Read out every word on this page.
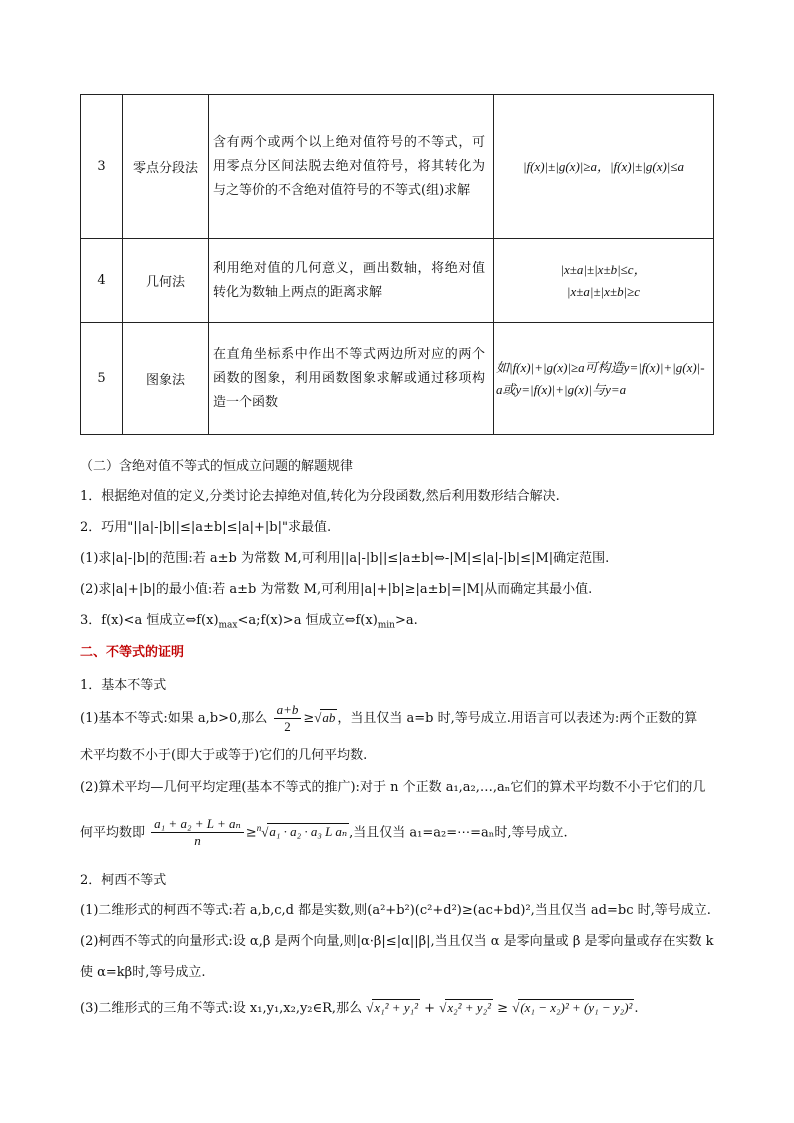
3	零点分段法	含有两个或两个以上绝对值符号的不等式，可用零点分区间法脱去绝对值符号，将其转化为与之等价的不含绝对值符号的不等式(组)求解	|f(x)|±|g(x)|≥a，|f(x)|±|g(x)|≤a
4	几何法	利用绝对值的几何意义，画出数轴，将绝对值转化为数轴上两点的距离求解	|x±a|±|x±b|≤c，
|x±a|±|x±b|≥c

5	图象法	在直角坐标系中作出不等式两边所对应的两个函数的图象，利用函数图象求解或通过移项构造一个函数	如|f(x)|+|g(x)|≥a可构造y=|f(x)|+|g(x)|-a或y=|f(x)|+|g(x)|与y=a
（二）含绝对值不等式的恒成立问题的解题规律
1．根据绝对值的定义,分类讨论去掉绝对值,转化为分段函数,然后利用数形结合解决.
2．巧用"||a|-|b||≤|a±b|≤|a|+|b|"求最值.
(1)求|a|-|b|的范围:若 a±b 为常数 M,可利用||a|-|b||≤|a±b|⇔-|M|≤|a|-|b|≤|M|确定范围.
(2)求|a|+|b|的最小值:若 a±b 为常数 M,可利用|a|+|b|≥|a±b|=|M|从而确定其最小值.
3．f(x)<a 恒成立$\Leftrightarrow f(x)_{max}<a;f(x)>a$ 恒成立$\Leftrightarrow f(x)_{min}>a$.
二、不等式的证明
1．基本不等式
(1)基本不等式:如果 a,b>0,那么 $\frac{a+b}{2} \ge√ab$ ，当且仅当 a=b 时,等号成立.用语言可以表述为:两个正数的算
术平均数不小于(即大于或等于)它们的几何平均数.
(2)算术平均—几何平均定理(基本不等式的推广):对于 n 个正数 a₁,a₂,…,aₙ它们的算术平均数不小于它们的几
何平均数即 $\frac{\text{a₁ + a₂ + L + aₙ}}{n} \ge^n√a_1 \cdot a_2 \cdot a_3$ L aₙ ,当且仅当 a₁=a₂=⋯=aₙ时,等号成立.
2．柯西不等式
(1)二维形式的柯西不等式:若 a,b,c,d 都是实数,则(a²+b²)(c²+d²)≥(ac+bd)²,当且仅当 ad=bc 时,等号成立.
(2)柯西不等式的向量形式:设 α,β 是两个向量,则|α·β|≤|α||β|,当且仅当 α 是零向量或 β 是零向量或存在实数 k
使 α=kβ时,等号成立.
(3)二维形式的三角不等式:设 x₁,y₁,x₂,y₂∈R,那么 √x₁² + y₁² + √x₂² + y₂² ≥ √(x₁ − x₂)² + (y₁ − y₂)² .
